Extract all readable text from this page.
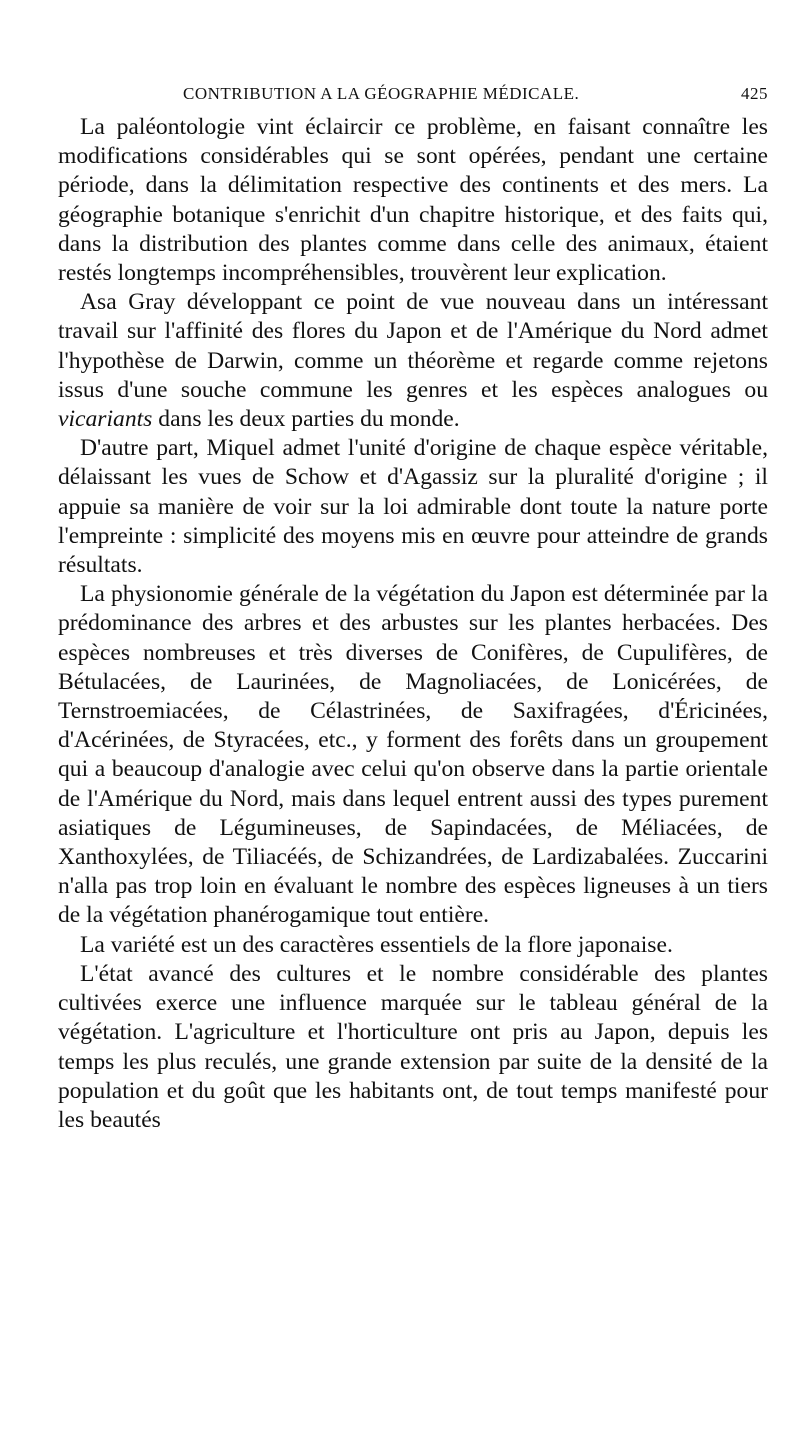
CONTRIBUTION A LA GÉOGRAPHIE MÉDICALE.	425

La paléontologie vint éclaircir ce problème, en faisant connaître les modifications considérables qui se sont opérées, pendant une certaine période, dans la délimitation respective des continents et des mers. La géographie botanique s'enrichit d'un chapitre historique, et des faits qui, dans la distribution des plantes comme dans celle des animaux, étaient restés longtemps incompréhensibles, trouvèrent leur explication.

Asa Gray développant ce point de vue nouveau dans un intéressant travail sur l'affinité des flores du Japon et de l'Amérique du Nord admet l'hypothèse de Darwin, comme un théorème et regarde comme rejetons issus d'une souche commune les genres et les espèces analogues ou vicariants dans les deux parties du monde.

D'autre part, Miquel admet l'unité d'origine de chaque espèce véritable, délaissant les vues de Schow et d'Agassiz sur la pluralité d'origine ; il appuie sa manière de voir sur la loi admirable dont toute la nature porte l'empreinte : simplicité des moyens mis en œuvre pour atteindre de grands résultats.

La physionomie générale de la végétation du Japon est déterminée par la prédominance des arbres et des arbustes sur les plantes herbacées. Des espèces nombreuses et très diverses de Conifères, de Cupulifères, de Bétulacées, de Laurinées, de Magnoliacées, de Lonicérées, de Ternstroemiacées, de Célastrinées, de Saxifragées, d'Éricinées, d'Acérinées, de Styracées, etc., y forment des forêts dans un groupement qui a beaucoup d'analogie avec celui qu'on observe dans la partie orientale de l'Amérique du Nord, mais dans lequel entrent aussi des types purement asiatiques de Légumineuses, de Sapindacées, de Méliacées, de Xanthoxylées, de Tiliacéés, de Schizandrées, de Lardizabalées. Zuccarini n'alla pas trop loin en évaluant le nombre des espèces ligneuses à un tiers de la végétation phanérogamique tout entière.

La variété est un des caractères essentiels de la flore japonaise.

L'état avancé des cultures et le nombre considérable des plantes cultivées exerce une influence marquée sur le tableau général de la végétation. L'agriculture et l'horticulture ont pris au Japon, depuis les temps les plus reculés, une grande extension par suite de la densité de la population et du goût que les habitants ont, de tout temps manifesté pour les beautés
